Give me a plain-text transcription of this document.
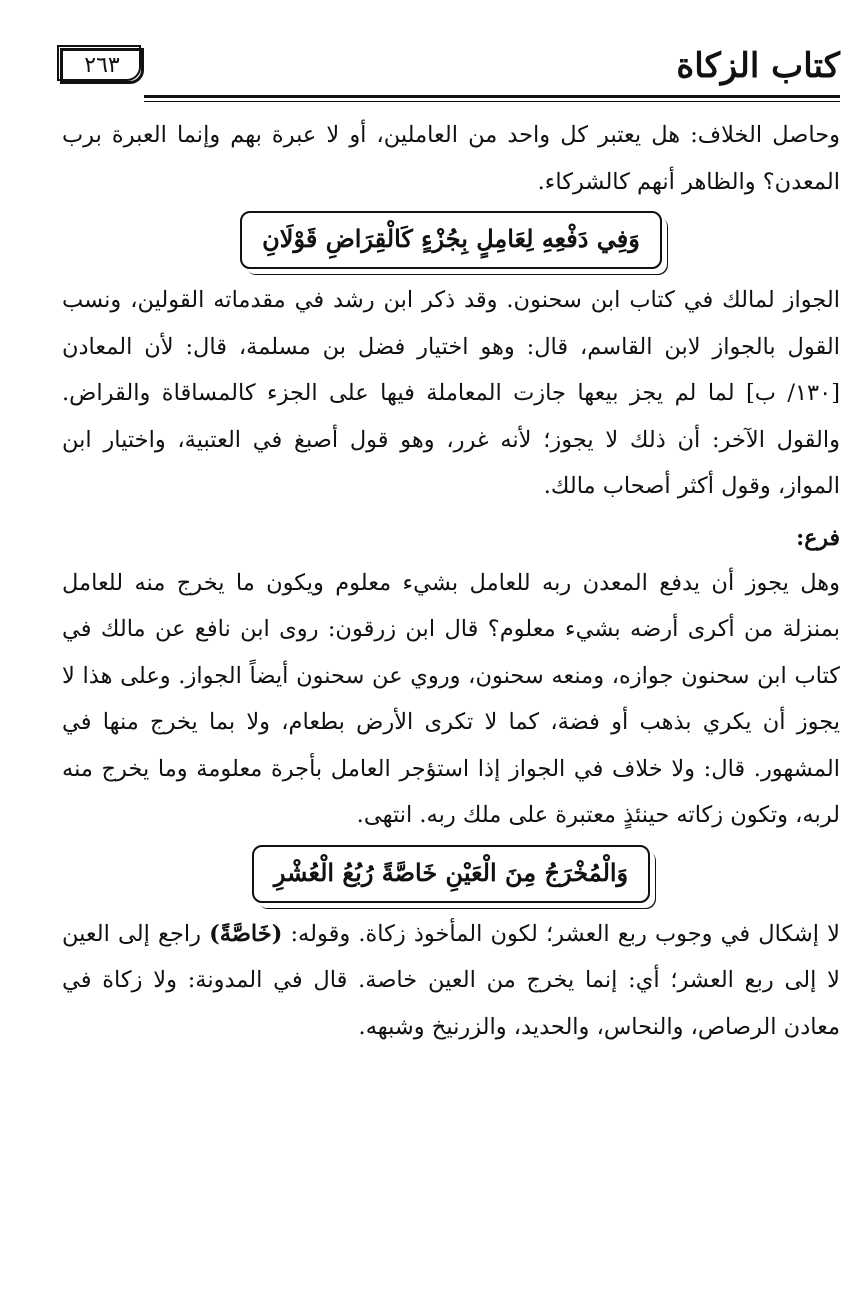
كتاب الزكاة
٢٦٣

وحاصل الخلاف: هل يعتبر كل واحد من العاملين، أو لا عبرة بهم وإنما العبرة برب المعدن؟ والظاهر أنهم كالشركاء.

وَفِي دَفْعِهِ لِعَامِلٍ بِجُزْءٍ كَالْقِرَاضِ قَوْلَانِ

الجواز لمالك في كتاب ابن سحنون. وقد ذكر ابن رشد في مقدماته القولين، ونسب القول بالجواز لابن القاسم، قال: وهو اختيار فضل بن مسلمة، قال: لأن المعادن [١٣٠/ ب] لما لم يجز بيعها جازت المعاملة فيها على الجزء كالمساقاة والقراض. والقول الآخر: أن ذلك لا يجوز؛ لأنه غرر، وهو قول أصبغ في العتبية، واختيار ابن المواز، وقول أكثر أصحاب مالك.

فرع:

وهل يجوز أن يدفع المعدن ربه للعامل بشيء معلوم ويكون ما يخرج منه للعامل بمنزلة من أكرى أرضه بشيء معلوم؟ قال ابن زرقون: روى ابن نافع عن مالك في كتاب ابن سحنون جوازه، ومنعه سحنون، وروي عن سحنون أيضاً الجواز. وعلى هذا لا يجوز أن يكري بذهب أو فضة، كما لا تكرى الأرض بطعام، ولا بما يخرج منها في المشهور. قال: ولا خلاف في الجواز إذا استؤجر العامل بأجرة معلومة وما يخرج منه لربه، وتكون زكاته حينئذٍ معتبرة على ملك ربه. انتهى.

وَالْمُخْرَجُ مِنَ الْعَيْنِ خَاصَّةً رُبُعُ الْعُشْرِ

لا إشكال في وجوب ربع العشر؛ لكون المأخوذ زكاة. وقوله: (خَاصَّةً) راجع إلى العين لا إلى ربع العشر؛ أي: إنما يخرج من العين خاصة. قال في المدونة: ولا زكاة في معادن الرصاص، والنحاس، والحديد، والزرنيخ وشبهه.
